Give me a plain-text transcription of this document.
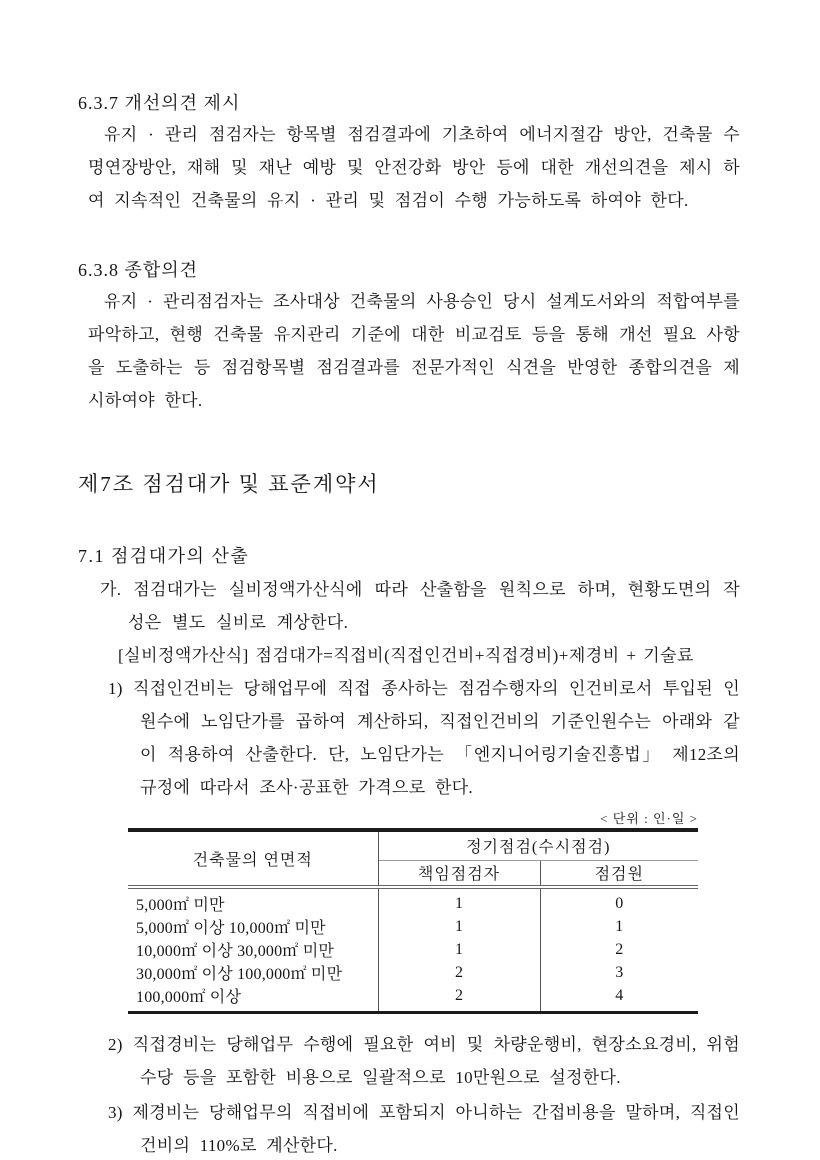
6.3.7 개선의견 제시

유지 · 관리 점검자는 항목별 점검결과에 기초하여 에너지절감 방안, 건축물 수명연장방안, 재해 및 재난 예방 및 안전강화 방안 등에 대한 개선의견을 제시 하여 지속적인 건축물의 유지 · 관리 및 점검이 수행 가능하도록 하여야 한다.

6.3.8 종합의견

유지 · 관리점검자는 조사대상 건축물의 사용승인 당시 설계도서와의 적합여부를 파악하고, 현행 건축물 유지관리 기준에 대한 비교검토 등을 통해 개선 필요 사항을 도출하는 등 점검항목별 점검결과를 전문가적인 식견을 반영한 종합의견을 제시하여야 한다.

제7조 점검대가 및 표준계약서
7.1 점검대가의 산출

가. 점검대가는 실비정액가산식에 따라 산출함을 원칙으로 하며, 현황도면의 작성은 별도 실비로 계상한다.

[실비정액가산식] 점검대가=직접비(직접인건비+직접경비)+제경비 + 기술료

1) 직접인건비는 당해업무에 직접 종사하는 점검수행자의 인건비로서 투입된 인원수에 노임단가를 곱하여 계산하되, 직접인건비의 기준인원수는 아래와 같이 적용하여 산출한다. 단, 노임단가는 「엔지니어링기술진흥법」 제12조의 규정에 따라서 조사·공표한 가격으로 한다.

< 단위 : 인·일 >
건축물의 연면적	정기점검(수시점검)	
	책임점검자	점검원
5,000㎡ 미만	1	0
5,000㎡ 이상 10,000㎡ 미만	1	1
10,000㎡ 이상 30,000㎡ 미만	1	2
30,000㎡ 이상 100,000㎡ 미만	2	3
100,000㎡ 이상	2	4

2) 직접경비는 당해업무 수행에 필요한 여비 및 차량운행비, 현장소요경비, 위험수당 등을 포함한 비용으로 일괄적으로 10만원으로 설정한다.

3) 제경비는 당해업무의 직접비에 포함되지 아니하는 간접비용을 말하며, 직접인건비의 110%로 계산한다.
